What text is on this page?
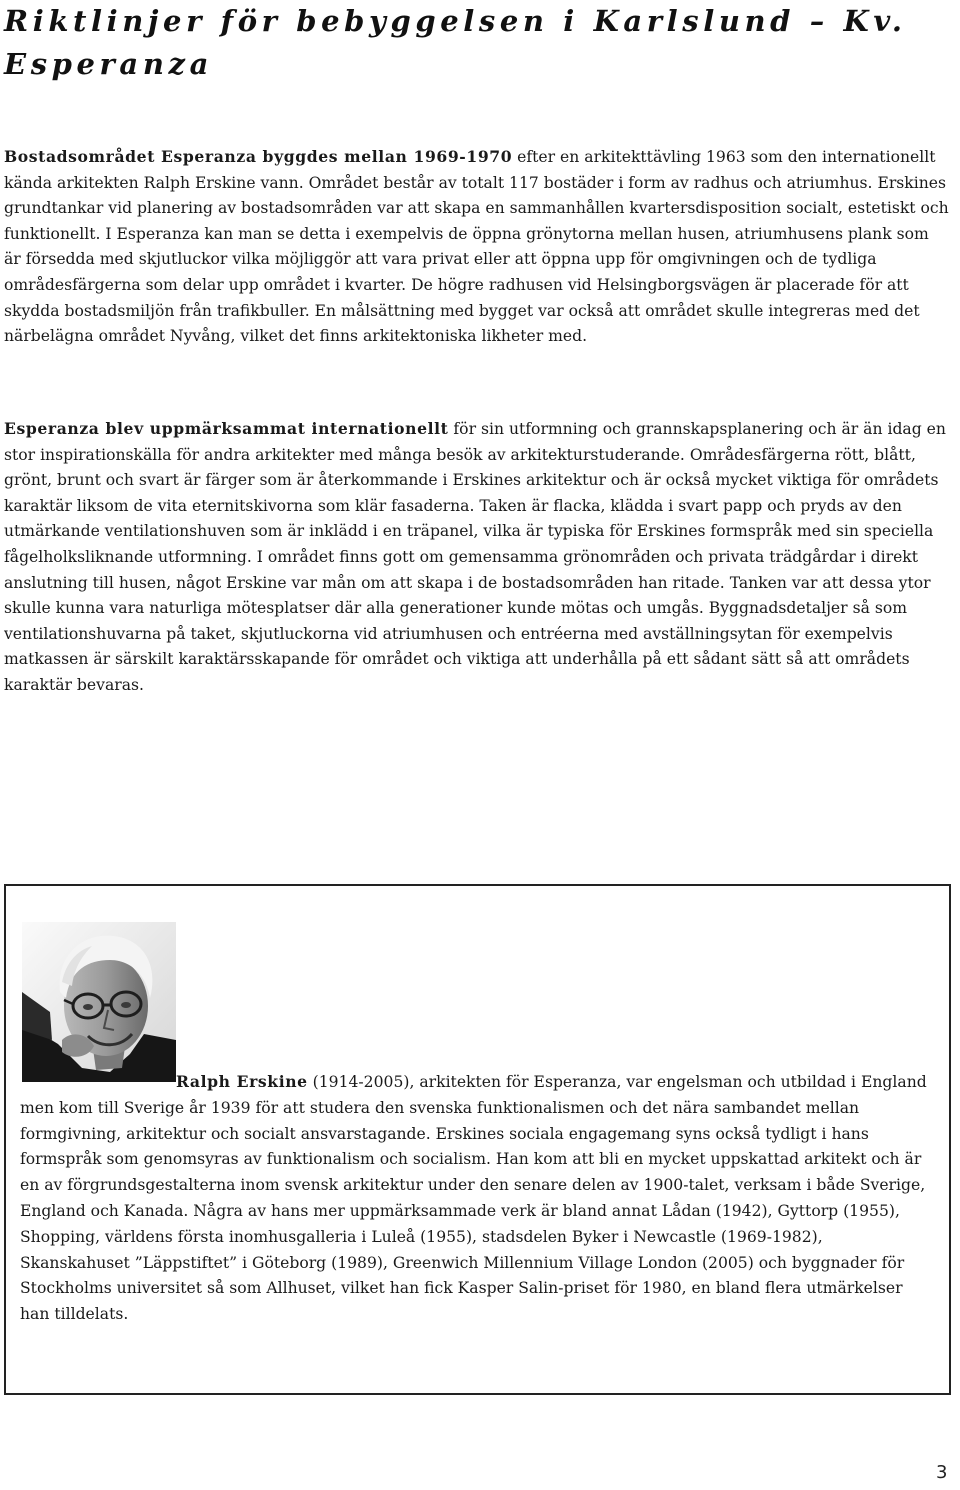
Riktlinjer för bebyggelsen i Karlslund – Kv. Esperanza

Bostadsområdet Esperanza byggdes mellan 1969-1970 efter en arkitekttävling 1963 som den internationellt kända arkitekten Ralph Erskine vann. Området består av totalt 117 bostäder i form av radhus och atriumhus. Erskines grundtankar vid planering av bostadsområden var att skapa en sammanhållen kvartersdisposition socialt, estetiskt och funktionellt. I Esperanza kan man se detta i exempelvis de öppna grönytorna mellan husen, atriumhusens plank som är försedda med skjutluckor vilka möjliggör att vara privat eller att öppna upp för omgivningen och de tydliga områdesfärgerna som delar upp området i kvarter. De högre radhusen vid Helsingborgsvägen är placerade för att skydda bostadsmiljön från trafikbuller. En målsättning med bygget var också att området skulle integreras med det närbelägna området Nyvång, vilket det finns arkitektoniska likheter med.

Esperanza blev uppmärksammat internationellt för sin utformning och grannskapsplanering och är än idag en stor inspirationskälla för andra arkitekter med många besök av arkitekturstuderande. Områdesfärgerna rött, blått, grönt, brunt och svart är färger som är återkommande i Erskines arkitektur och är också mycket viktiga för områdets karaktär liksom de vita eternitskivorna som klär fasaderna. Taken är flacka, klädda i svart papp och pryds av den utmärkande ventilationshuven som är inklädd i en träpanel, vilka är typiska för Erskines formspråk med sin speciella fågelholksliknande utformning. I området finns gott om gemensamma grönområden och privata trädgårdar i direkt anslutning till husen, något Erskine var mån om att skapa i de bostadsområden han ritade. Tanken var att dessa ytor skulle kunna vara naturliga mötesplatser där alla generationer kunde mötas och umgås. Byggnadsdetaljer så som ventilationshuvarna på taket, skjutluckorna vid atriumhusen och entréerna med avställningsytan för exempelvis matkassen är särskilt karaktärsskapande för området och viktiga att underhålla på ett sådant sätt så att områdets karaktär bevaras.

Ralph Erskine (1914-2005), arkitekten för Esperanza, var engelsman och utbildad i England men kom till Sverige år 1939 för att studera den svenska funktionalismen och det nära sambandet mellan formgivning, arkitektur och socialt ansvarstagande. Erskines sociala engagemang syns också tydligt i hans formspråk som genomsyras av funktionalism och socialism. Han kom att bli en mycket uppskattad arkitekt och är en av förgrundsgestalterna inom svensk arkitektur under den senare delen av 1900-talet, verksam i både Sverige, England och Kanada. Några av hans mer uppmärksammade verk är bland annat Lådan (1942), Gyttorp (1955), Shopping, världens första inomhusgalleria i Luleå (1955), stadsdelen Byker i Newcastle (1969-1982), Skanskahuset ”Läppstiftet” i Göteborg (1989), Greenwich Millennium Village London (2005) och byggnader för Stockholms universitet så som Allhuset, vilket han fick Kasper Salin-priset för 1980, en bland flera utmärkelser han tilldelats.

3
